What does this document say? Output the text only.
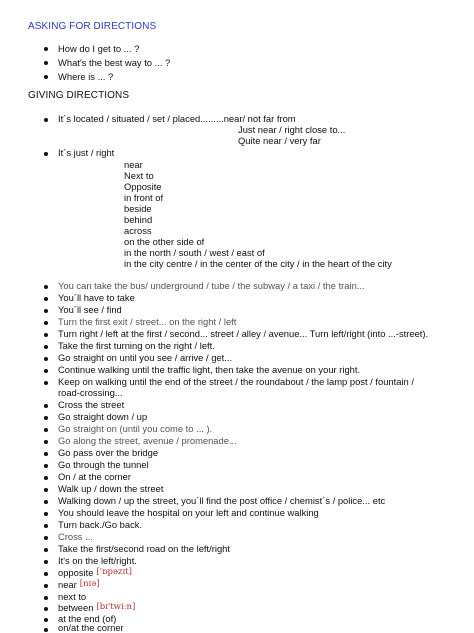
ASKING FOR DIRECTIONS
How do I get to ... ?
What's the best way to ... ?
Where is ... ?
GIVING DIRECTIONS
It´s located / situated / set / placed.........near/ not far from
Just near / right close to...
Quite near / very far
It´s just / right
near
Next to
Opposite
in front of
beside
behind
across
on the other side of
in the north / south / west / east of
in the city centre / in the center of the city / in the heart of the city
You can take the bus/ underground / tube / the subway / a taxi / the train...
You´ll have to take
You´ll see / find
Turn the first exit / street... on the right / left
Turn right / left at the first / second... street / alley / avenue... Turn left/right (into ...-street).
Take the first turning on the right / left.
Go straight on until you see / arrive / get...
Continue walking until the traffic light, then take the avenue on your right.
Keep on walking until the end of the street / the roundabout / the lamp post / fountain /
road-crossing...
Cross the street
Go straight down / up
Go straight on (until you come to ... ).
Go along the street, avenue / promenade...
Go pass over the bridge
Go through the tunnel
On / at the corner
Walk up / down the street
Walking down / up the street, you´ll find the post office / chemist´s / police... etc
You should leave the hospital on your left and continue walking
Turn back./Go back.
Cross ...
Take the first/second road on the left/right
It's on the left/right.
opposite ['ɒpəzɪt]
near [nɪə]
next to
between [bɪ'twiːn]
at the end (of)
on/at the corner
